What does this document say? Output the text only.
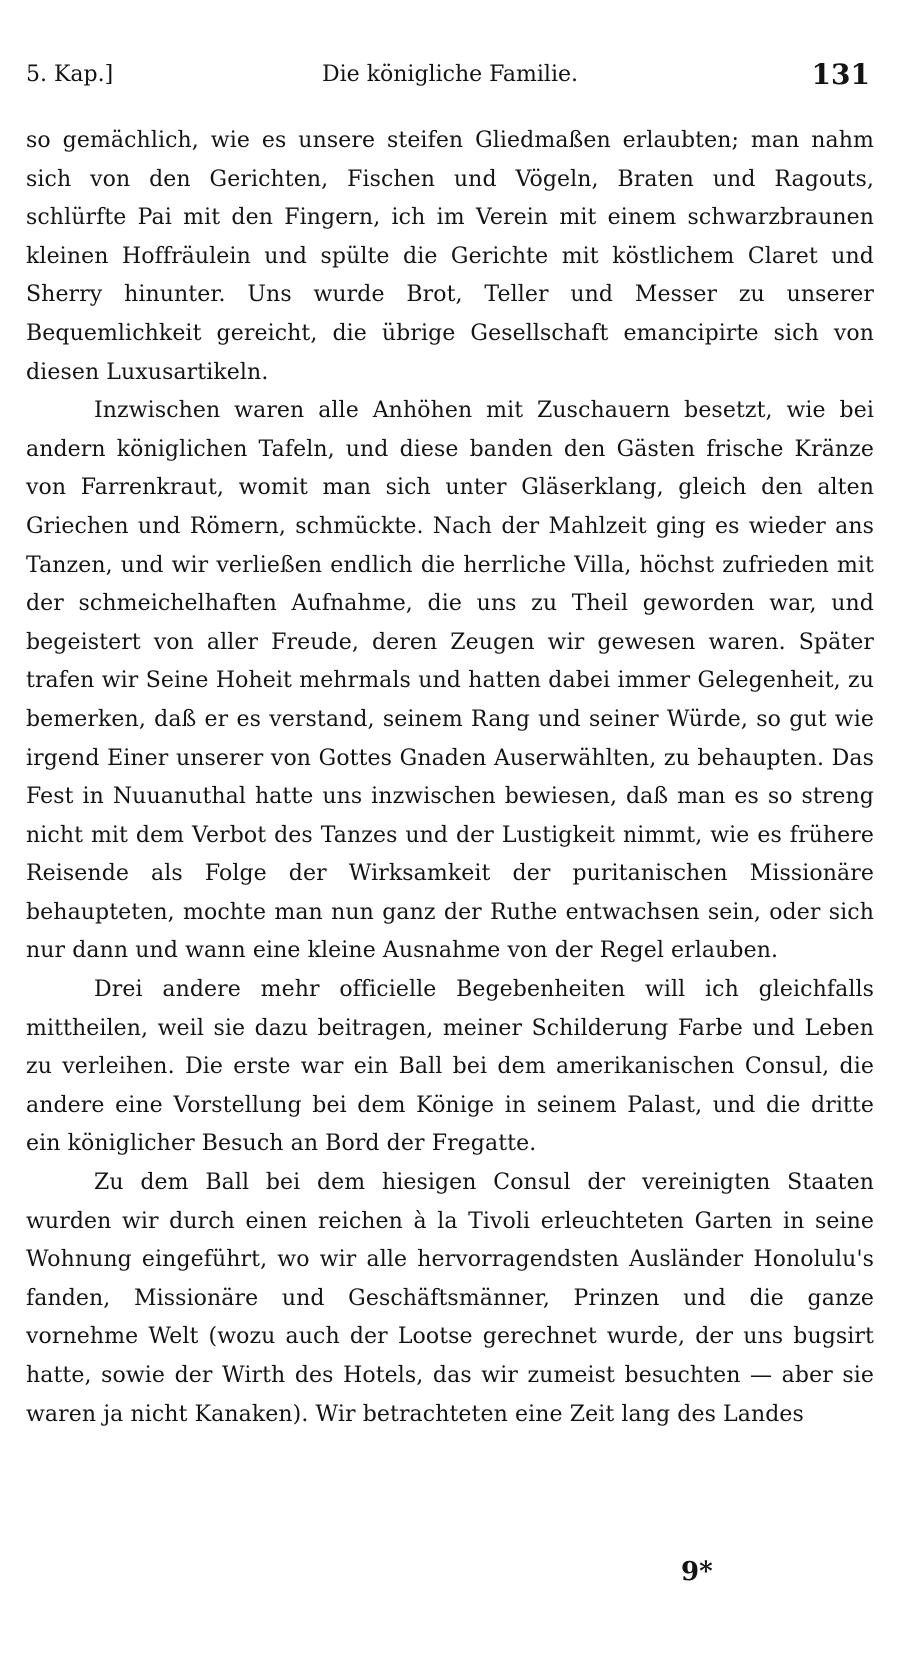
5. Kap.]	Die königliche Familie.	131

so gemächlich, wie es unsere steifen Gliedmaßen erlaubten; man nahm sich von den Gerichten, Fischen und Vögeln, Braten und Ragouts, schlürfte Pai mit den Fingern, ich im Verein mit einem schwarzbraunen kleinen Hoffräulein und spülte die Gerichte mit köstlichem Claret und Sherry hinunter. Uns wurde Brot, Teller und Messer zu unserer Bequemlichkeit gereicht, die übrige Gesellschaft emancipirte sich von diesen Luxusartikeln.

Inzwischen waren alle Anhöhen mit Zuschauern besetzt, wie bei andern königlichen Tafeln, und diese banden den Gästen frische Kränze von Farrenkraut, womit man sich unter Gläserklang, gleich den alten Griechen und Römern, schmückte. Nach der Mahlzeit ging es wieder ans Tanzen, und wir verließen endlich die herrliche Villa, höchst zufrieden mit der schmeichelhaften Aufnahme, die uns zu Theil geworden war, und begeistert von aller Freude, deren Zeugen wir gewesen waren. Später trafen wir Seine Hoheit mehrmals und hatten dabei immer Gelegenheit, zu bemerken, daß er es verstand, seinem Rang und seiner Würde, so gut wie irgend Einer unserer von Gottes Gnaden Auserwählten, zu behaupten. Das Fest in Nuuanuthal hatte uns inzwischen bewiesen, daß man es so streng nicht mit dem Verbot des Tanzes und der Lustigkeit nimmt, wie es frühere Reisende als Folge der Wirksamkeit der puritanischen Missionäre behaupteten, mochte man nun ganz der Ruthe entwachsen sein, oder sich nur dann und wann eine kleine Ausnahme von der Regel erlauben.

Drei andere mehr officielle Begebenheiten will ich gleichfalls mittheilen, weil sie dazu beitragen, meiner Schilderung Farbe und Leben zu verleihen. Die erste war ein Ball bei dem amerikanischen Consul, die andere eine Vorstellung bei dem Könige in seinem Palast, und die dritte ein königlicher Besuch an Bord der Fregatte.

Zu dem Ball bei dem hiesigen Consul der vereinigten Staaten wurden wir durch einen reichen à la Tivoli erleuchteten Garten in seine Wohnung eingeführt, wo wir alle hervorragendsten Ausländer Honolulu's fanden, Missionäre und Geschäftsmänner, Prinzen und die ganze vornehme Welt (wozu auch der Lootse gerechnet wurde, der uns bugsirt hatte, sowie der Wirth des Hotels, das wir zumeist besuchten — aber sie waren ja nicht Kanaken). Wir betrachteten eine Zeit lang des Landes

9*
